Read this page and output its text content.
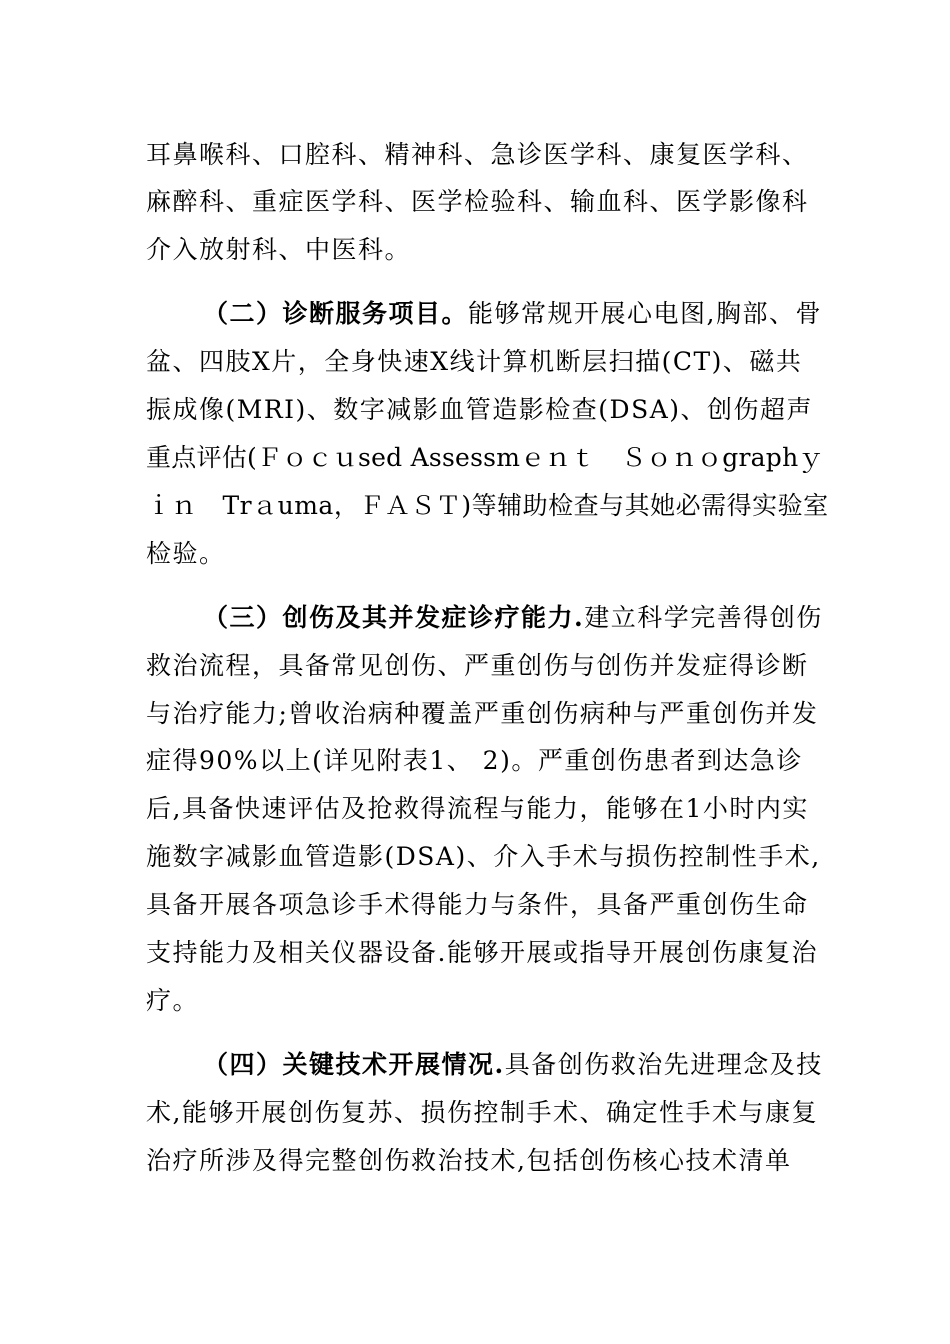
耳鼻喉科、口腔科、精神科、急诊医学科、康复医学科、
麻醉科、重症医学科、医学检验科、输血科、医学影像科
介入放射科、中医科。
（二）诊断服务项目。能够常规开展心电图,胸部、骨
盆、四肢X片，全身快速X线计算机断层扫描(CT)、磁共
振成像(MRI)、数字减影血管造影检查(DSA)、创伤超声
重点评估(Ｆｏｃｕsed Assessmｅｎｔ　Ｓｏｎｏgraphｙ
ｉｎ　Trａuma，ＦＡＳＴ)等辅助检查与其她必需得实验室
检验。
（三）创伤及其并发症诊疗能力.建立科学完善得创伤
救治流程，具备常见创伤、严重创伤与创伤并发症得诊断
与治疗能力;曾收治病种覆盖严重创伤病种与严重创伤并发
症得90%以上(详见附表1、 2)。严重创伤患者到达急诊
后,具备快速评估及抢救得流程与能力，能够在1小时内实
施数字减影血管造影(DSA)、介入手术与损伤控制性手术,
具备开展各项急诊手术得能力与条件，具备严重创伤生命
支持能力及相关仪器设备.能够开展或指导开展创伤康复治
疗。
（四）关键技术开展情况.具备创伤救治先进理念及技
术,能够开展创伤复苏、损伤控制手术、确定性手术与康复
治疗所涉及得完整创伤救治技术,包括创伤核心技术清单
